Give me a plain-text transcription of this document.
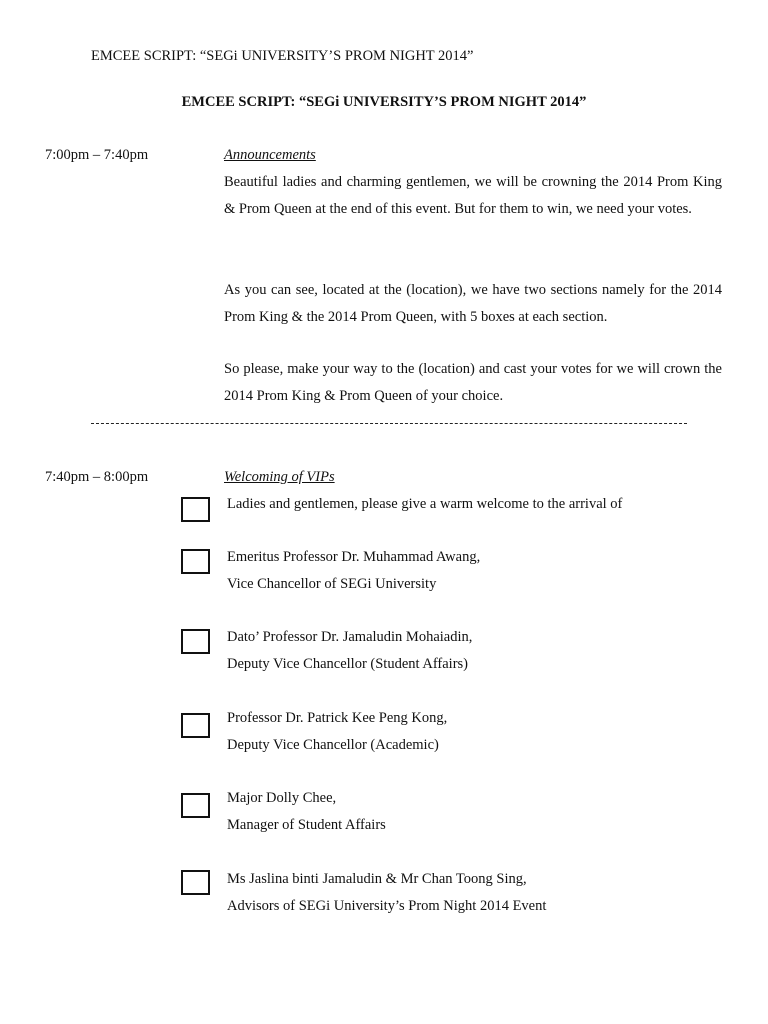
EMCEE SCRIPT: “SEGi UNIVERSITY’S PROM NIGHT 2014”
EMCEE SCRIPT: “SEGi UNIVERSITY’S PROM NIGHT 2014”
7:00pm – 7:40pm	Announcements

Beautiful ladies and charming gentlemen, we will be crowning the 2014 Prom King & Prom Queen at the end of this event. But for them to win, we need your votes.

As you can see, located at the (location), we have two sections namely for the 2014 Prom King & the 2014 Prom Queen, with 5 boxes at each section.

So please, make your way to the (location) and cast your votes for we will crown the 2014 Prom King & Prom Queen of your choice.

7:40pm – 8:00pm	Welcoming of VIPs
Ladies and gentlemen, please give a warm welcome to the arrival of
Emeritus Professor Dr. Muhammad Awang,
Vice Chancellor of SEGi University
Dato’ Professor Dr. Jamaludin Mohaiadin,
Deputy Vice Chancellor (Student Affairs)
Professor Dr. Patrick Kee Peng Kong,
Deputy Vice Chancellor (Academic)
Major Dolly Chee,
Manager of Student Affairs
Ms Jaslina binti Jamaludin & Mr Chan Toong Sing,
Advisors of SEGi University’s Prom Night 2014 Event
